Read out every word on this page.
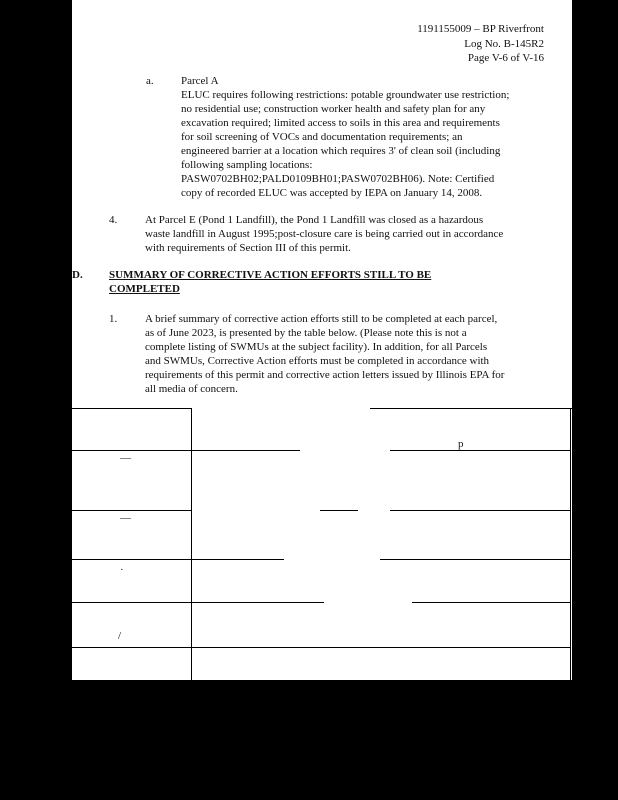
1191155009 – BP Riverfront
Log No. B-145R2
Page V-6 of V-16
a. Parcel A
ELUC requires following restrictions: potable groundwater use restriction;
no residential use; construction worker health and safety plan for any
excavation required; limited access to soils in this area and requirements
for soil screening of VOCs and documentation requirements; an
engineered barrier at a location which requires 3' of clean soil (including
following sampling locations:
PASW0702BH02;PALD0109BH01;PASW0702BH06). Note: Certified
copy of recorded ELUC was accepted by IEPA on January 14, 2008.
4.	At Parcel E (Pond 1 Landfill), the Pond 1 Landfill was closed as a hazardous
waste landfill in August 1995;post-closure care is being carried out in accordance
with requirements of Section III of this permit.
D. SUMMARY OF CORRECTIVE ACTION EFFORTS STILL TO BE
COMPLETED
1.	A brief summary of corrective action efforts still to be completed at each parcel,
as of June 2023, is presented by the table below. (Please note this is not a
complete listing of SWMUs at the subject facility). In addition, for all Parcels
and SWMUs, Corrective Action efforts must be completed in accordance with
requirements of this permit and corrective action letters issued by Illinois EPA for
all media of concern.
p
—
—
·
/
